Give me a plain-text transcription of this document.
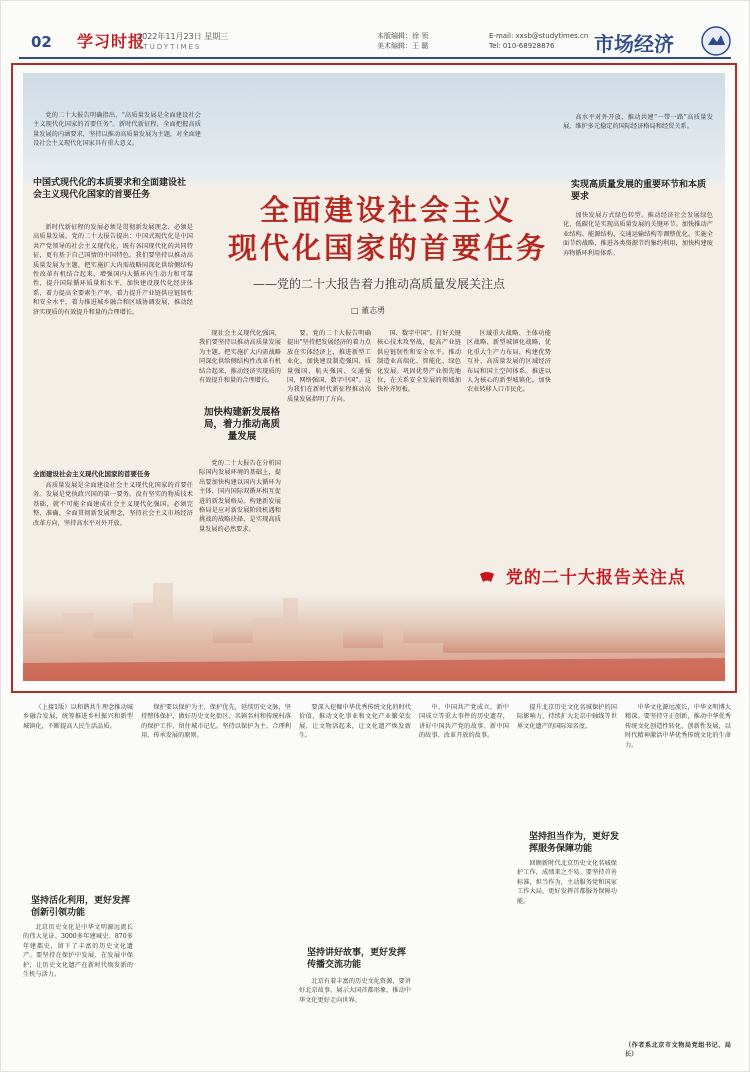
02 学习时报
2022年11月23日 星期三
STUDYTIMES
本版编辑：徐 领
美术编辑：王 璐
E-mail: xxsb@studytimes.cn
Tel: 010-68928876	市场经济

党的二十大报告明确指出，“高质量发展是全面建设社会主义现代化国家的首要任务”。新时代新征程，全面把握高质量发展的内涵要求，坚持以推动高质量发展为主题，对全面建设社会主义现代化国家具有重大意义。

全面建设社会主义
现代化国家的首要任务
——党的二十大报告着力推动高质量发展关注点
□ 董志勇
中国式现代化的本质要求和全面建设社会主义现代化国家的首要任务

新时代新征程的发展必须是贯彻新发展理念、必须是高质量发展。党的二十大报告提出：中国式现代化是中国共产党领导的社会主义现代化，既有各国现代化的共同特征，更有基于自己国情的中国特色。我们要坚持以推动高质量发展为主题，把实施扩大内需战略同深化供给侧结构性改革有机结合起来，增强国内大循环内生动力和可靠性，提升国际循环质量和水平，加快建设现代化经济体系，着力提高全要素生产率，着力提升产业链供应链韧性和安全水平，着力推进城乡融合和区域协调发展，推动经济实现质的有效提升和量的合理增长。

全面建设社会主义现代化国家的首要任务

高质量发展是全面建设社会主义现代化国家的首要任务。发展是党执政兴国的第一要务。没有坚实的物质技术基础，就不可能全面建成社会主义现代化强国。必须完整、准确、全面贯彻新发展理念，坚持社会主义市场经济改革方向，坚持高水平对外开放。

现社会主义现代化强国，我们要坚持以推动高质量发展为主题，把实施扩大内需战略同深化供给侧结构性改革有机结合起来，推动经济实现质的有效提升和量的合理增长。

加快构建新发展格局，着力推动高质量发展

党的二十大报告在分析国际国内发展环境的基础上，提出要加快构建以国内大循环为主体、国内国际双循环相互促进的新发展格局。构建新发展格局是应对新发展阶段机遇和挑战的战略抉择，是实现高质量发展的必然要求。

要。党的二十大报告明确提出“坚持把发展经济的着力点放在实体经济上，推进新型工业化，加快建设制造强国、质量强国、航天强国、交通强国、网络强国、数字中国”。这为我们在新时代新征程推动高质量发展指明了方向。

国、数字中国”。打好关键核心技术攻坚战，提高产业链供应链韧性和安全水平。推动制造业高端化、智能化、绿色化发展。巩固优势产业领先地位，在关系安全发展的领域加快补齐短板。

区域重大战略、主体功能区战略、新型城镇化战略，优化重大生产力布局，构建优势互补、高质量发展的区域经济布局和国土空间体系。推进以人为核心的新型城镇化，加快农业转移人口市民化。

高水平对外开放，推动共建“一带一路”高质量发展，维护多元稳定的国际经济格局和经贸关系。

实现高质量发展的重要环节和本质要求

加快发展方式绿色转型。推动经济社会发展绿色化、低碳化是实现高质量发展的关键环节。加快推动产业结构、能源结构、交通运输结构等调整优化。实施全面节约战略，推进各类资源节约集约利用，加快构建废弃物循环利用体系。

党的二十大报告关注点

（上接1版）以和谐共生理念推动城乡融合发展，统筹推进乡村振兴和新型城镇化，不断提高人民生活品质。

坚持活化利用，更好发挥创新引领功能

北京历史文化是中华文明源远流长的伟大见证。3000多年建城史、870多年建都史，留下了丰富的历史文化遗产。要坚持在保护中发展、在发展中保护，让历史文化遗产在新时代焕发新的生机与活力。

保护要以保护为主、保护优先，延续历史文脉，坚持整体保护，做好历史文化街区、名镇名村和传统村落的保护工作，留住城市记忆。坚持以保护为主、合理利用、传承发展的原则。

要深入挖掘中华优秀传统文化的时代价值，推动文化事业和文化产业繁荣发展，让文物活起来，让文化遗产焕发新生。

坚持讲好故事，更好发挥传播交流功能

北京有着丰富的历史文化资源，要讲好北京故事，展示大国首都形象，推动中华文化更好走向世界。

中、中国共产党成立、新中国成立等重大事件的历史遗存，讲好中国共产党的故事、新中国的故事、改革开放的故事。

提升北京历史文化名城保护的国际影响力，持续扩大北京中轴线等世界文化遗产的国际知名度。

坚持担当作为，更好发挥服务保障功能

回顾新时代北京历史文化名城保护工作，成绩来之不易。要坚持首善标准，担当作为，主动服务党和国家工作大局，更好发挥首都服务保障功能。

中华文化源远流长，中华文明博大精深。要坚持守正创新，推动中华优秀传统文化创造性转化、创新性发展，以时代精神激活中华优秀传统文化的生命力。

（作者系北京市文物局党组书记、局长）
